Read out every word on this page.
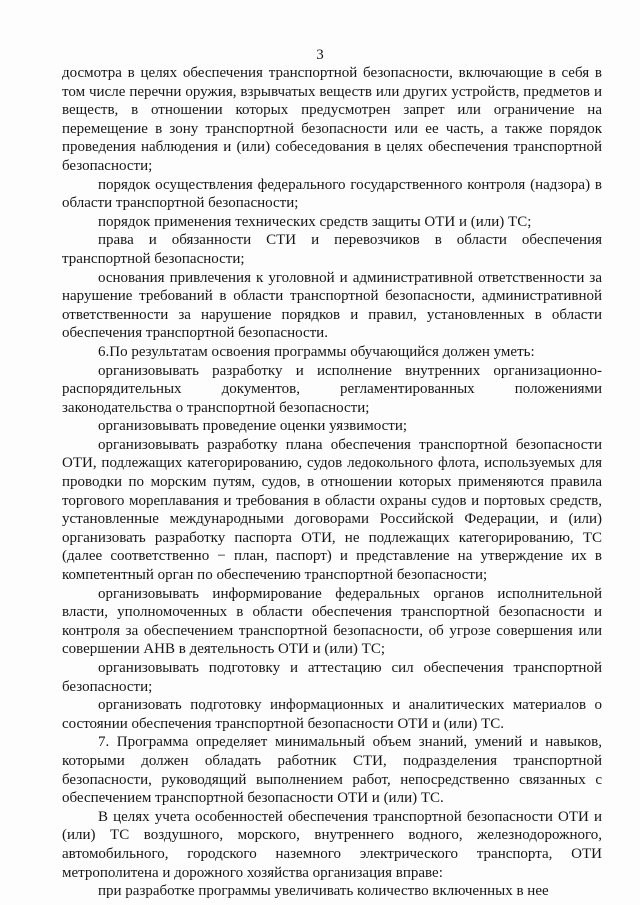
3

досмотра в целях обеспечения транспортной безопасности, включающие в себя в том числе перечни оружия, взрывчатых веществ или других устройств, предметов и веществ, в отношении которых предусмотрен запрет или ограничение на перемещение в зону транспортной безопасности или ее часть, а также порядок проведения наблюдения и (или) собеседования в целях обеспечения транспортной безопасности;

порядок осуществления федерального государственного контроля (надзора) в области транспортной безопасности;

порядок применения технических средств защиты ОТИ и (или) ТС;

права и обязанности СТИ и перевозчиков в области обеспечения транспортной безопасности;

основания привлечения к уголовной и административной ответственности за нарушение требований в области транспортной безопасности, административной ответственности за нарушение порядков и правил, установленных в области обеспечения транспортной безопасности.

6.По результатам освоения программы обучающийся должен уметь:

организовывать разработку и исполнение внутренних организационно-распорядительных документов, регламентированных положениями законодательства о транспортной безопасности;

организовывать проведение оценки уязвимости;

организовывать разработку плана обеспечения транспортной безопасности ОТИ, подлежащих категорированию, судов ледокольного флота, используемых для проводки по морским путям, судов, в отношении которых применяются правила торгового мореплавания и требования в области охраны судов и портовых средств, установленные международными договорами Российской Федерации, и (или) организовать разработку паспорта ОТИ, не подлежащих категорированию, ТС (далее соответственно − план, паспорт) и представление на утверждение их в компетентный орган по обеспечению транспортной безопасности;

организовывать информирование федеральных органов исполнительной власти, уполномоченных в области обеспечения транспортной безопасности и контроля за обеспечением транспортной безопасности, об угрозе совершения или совершении АНВ в деятельность ОТИ и (или) ТС;

организовывать подготовку и аттестацию сил обеспечения транспортной безопасности;

организовать подготовку информационных и аналитических материалов о состоянии обеспечения транспортной безопасности ОТИ и (или) ТС.

7. Программа определяет минимальный объем знаний, умений и навыков, которыми должен обладать работник СТИ, подразделения транспортной безопасности, руководящий выполнением работ, непосредственно связанных с обеспечением транспортной безопасности ОТИ и (или) ТС.

В целях учета особенностей обеспечения транспортной безопасности ОТИ и (или) ТС воздушного, морского, внутреннего водного, железнодорожного, автомобильного, городского наземного электрического транспорта, ОТИ метрополитена и дорожного хозяйства организация вправе:

при разработке программы увеличивать количество включенных в нее
